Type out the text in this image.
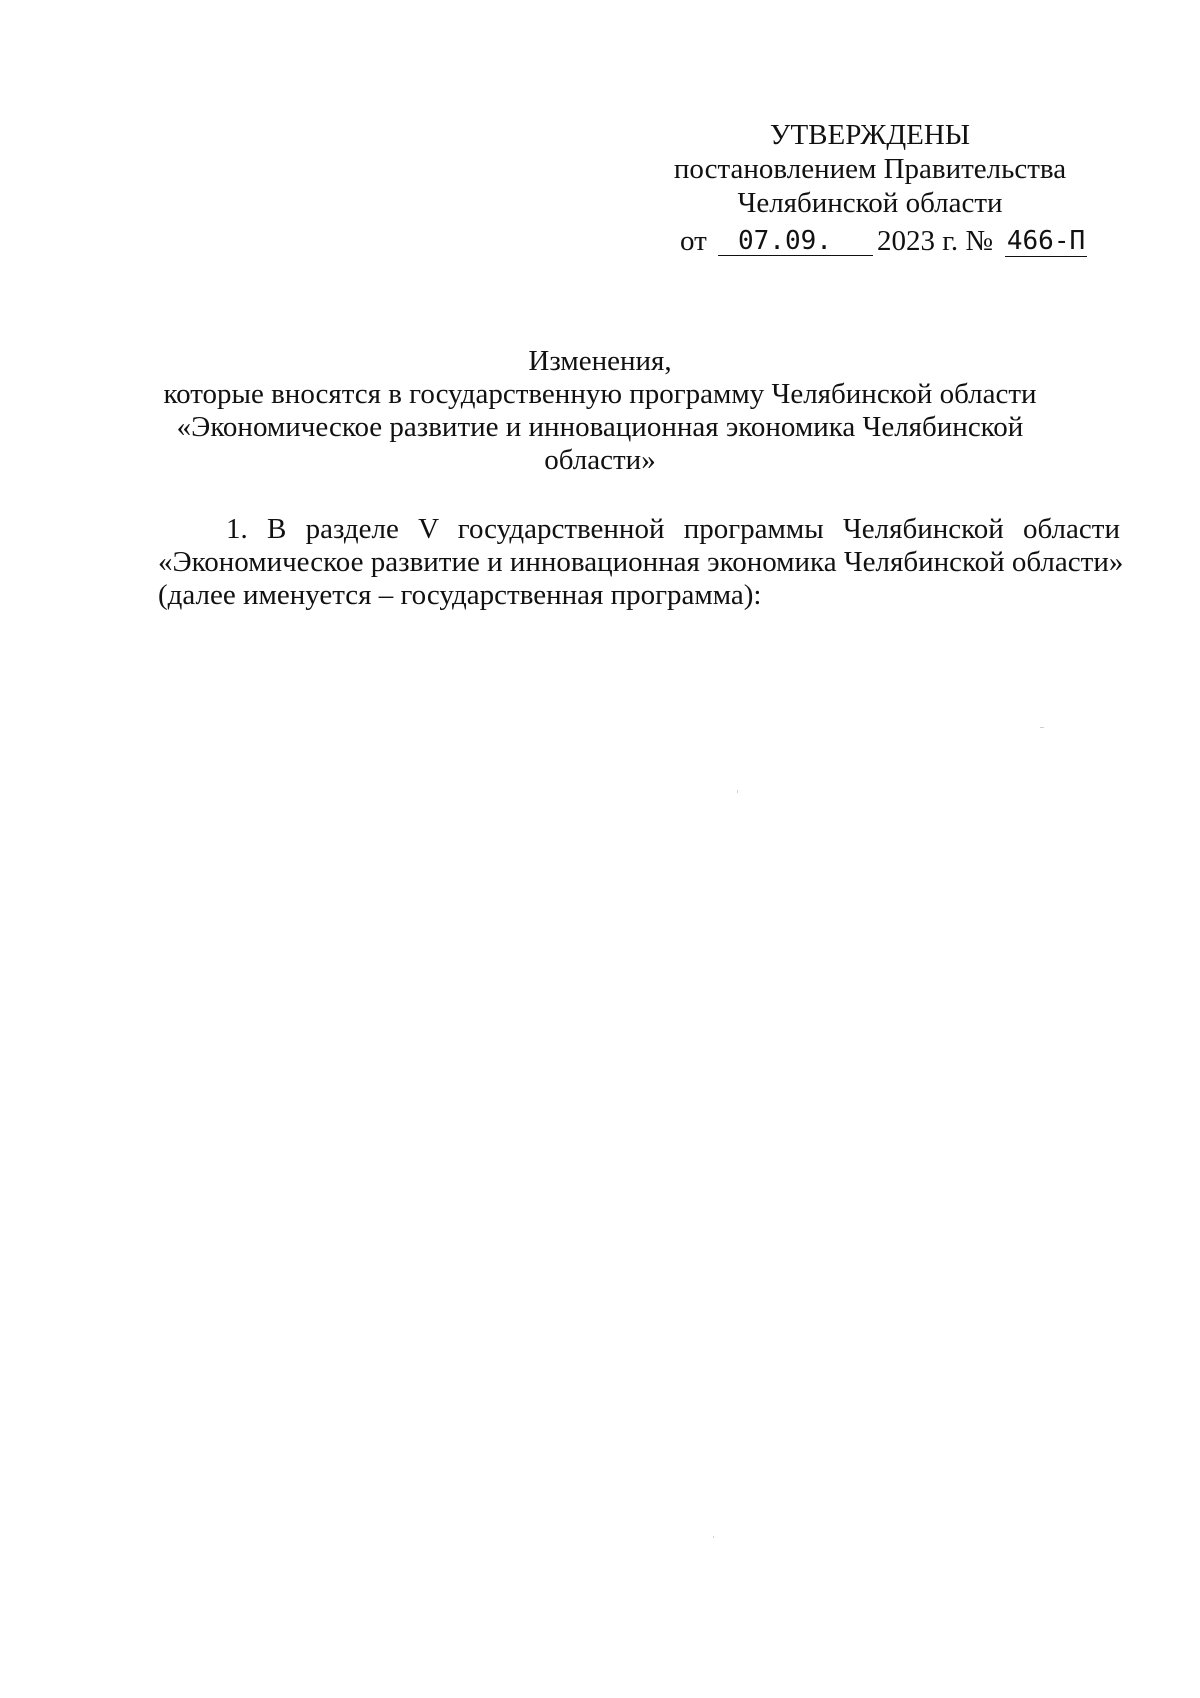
УТВЕРЖДЕНЫ
постановлением Правительства
Челябинской области
от	07.09.	2023 г. № 466-П
Изменения,
которые вносятся в государственную программу Челябинской области
«Экономическое развитие и инновационная экономика Челябинской области»
1. В разделе V государственной программы Челябинской области
«Экономическое развитие и инновационная экономика Челябинской области»
(далее именуется – государственная программа):
